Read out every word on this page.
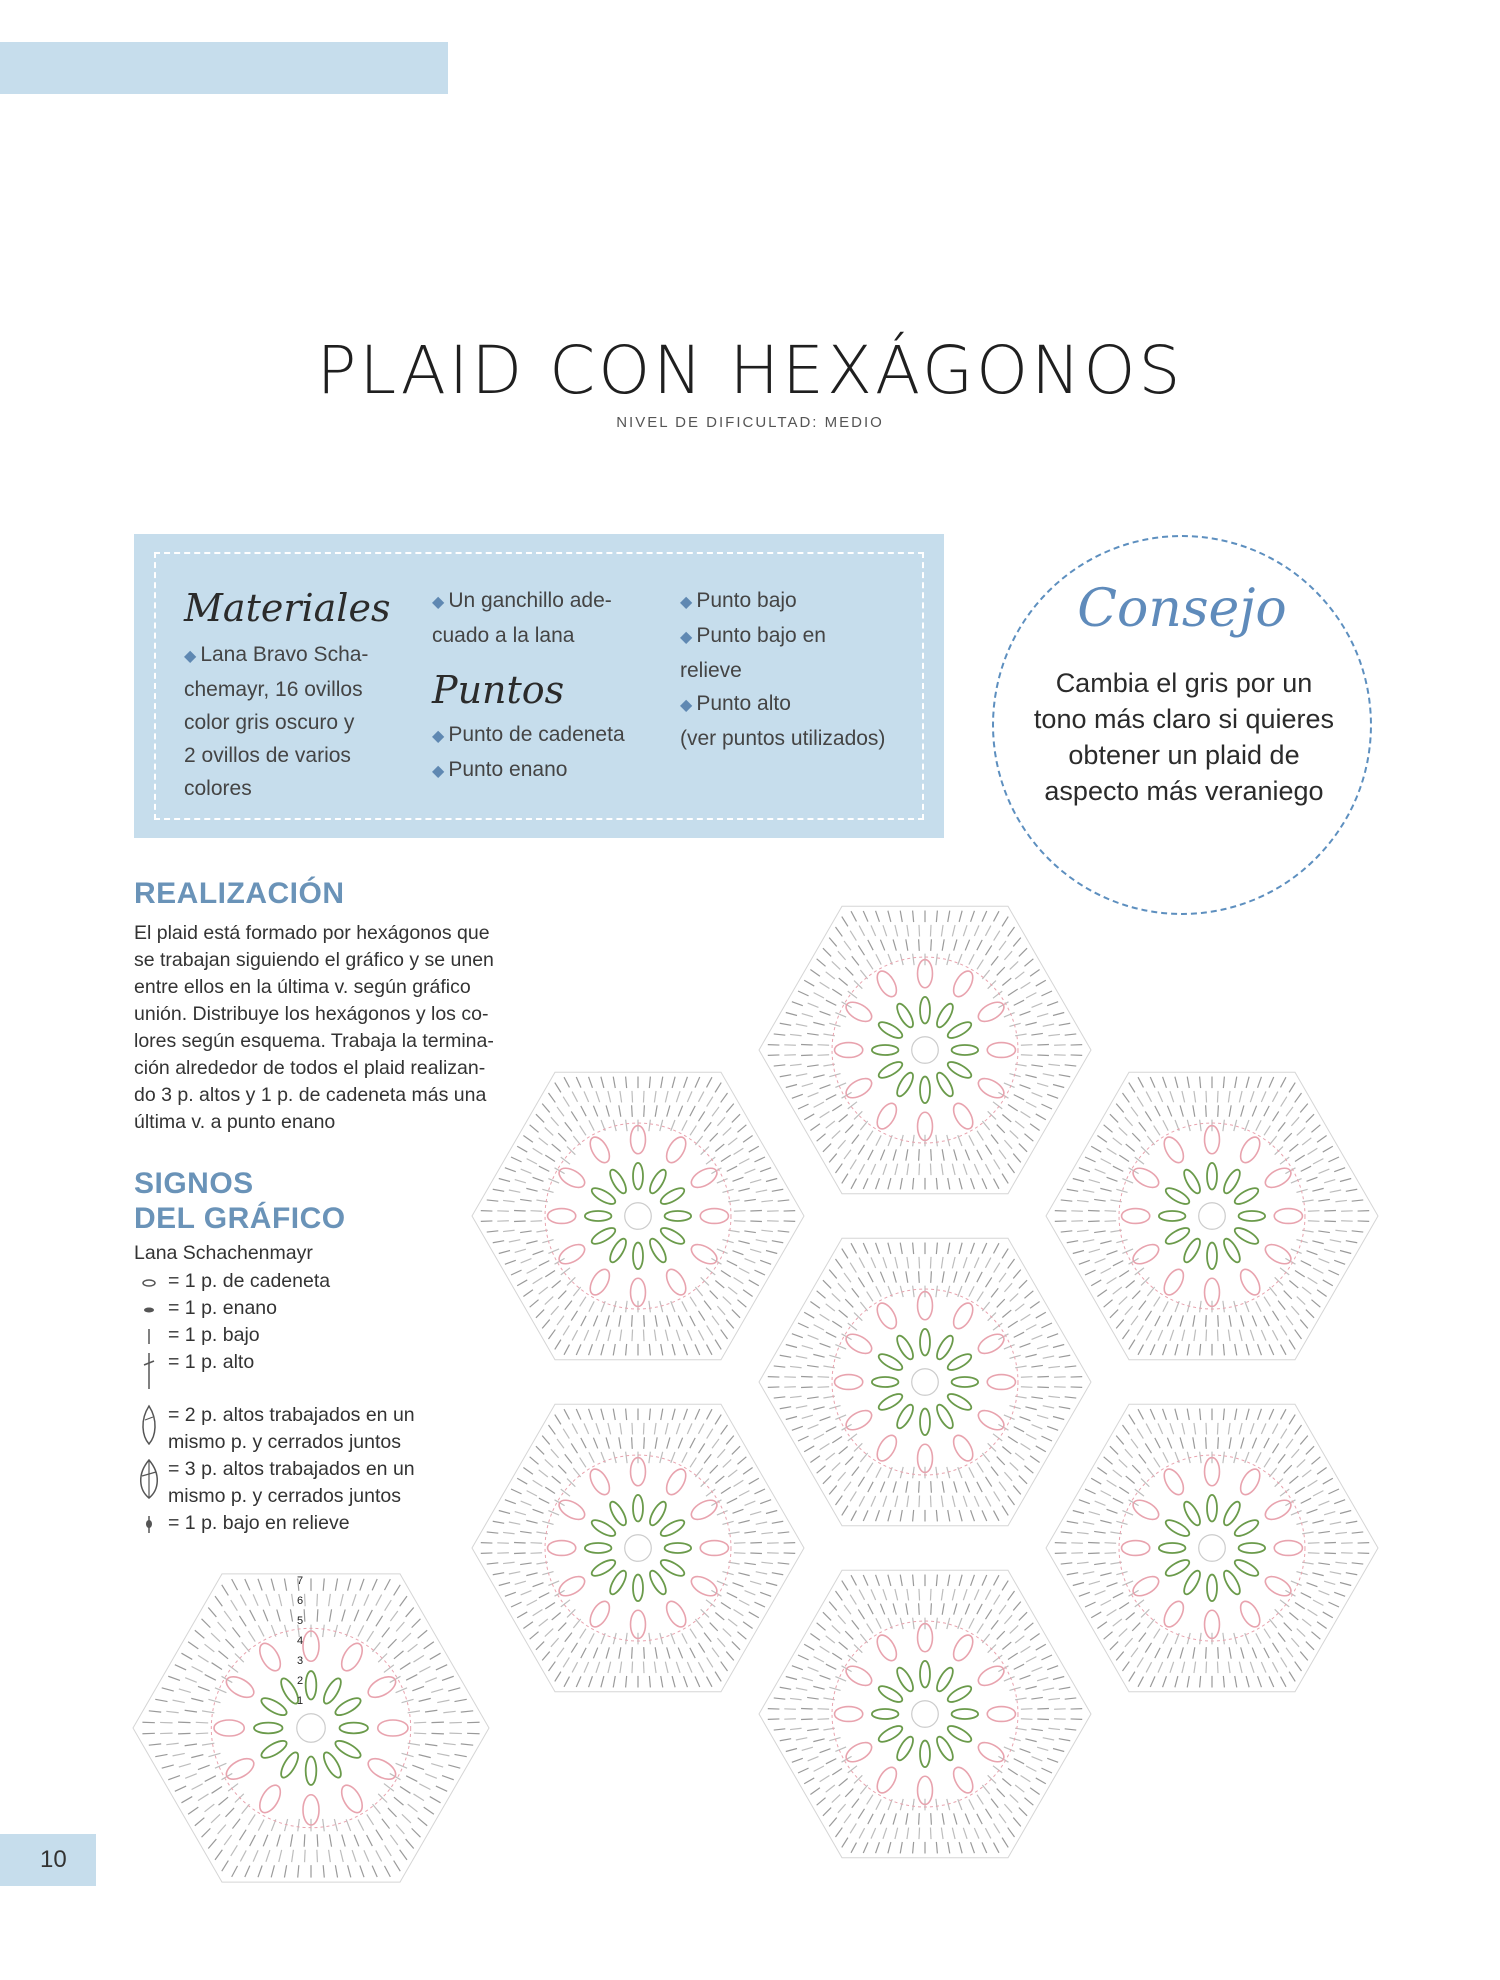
PLAID CON HEXÁGONOS
NIVEL DE DIFICULTAD: MEDIO
Materiales
◆ Lana Bravo Scha-
chemayr, 16 ovillos
color gris oscuro y
2 ovillos de varios
colores
◆ Un ganchillo ade-
cuado a la lana
Puntos
◆ Punto de cadeneta
◆ Punto enano
◆ Punto bajo
◆ Punto bajo en
relieve
◆ Punto alto
(ver puntos utilizados)
Consejo
Cambia el gris por un
tono más claro si quieres
obtener un plaid de
aspecto más veraniego
REALIZACIÓN
El plaid está formado por hexágonos que
se trabajan siguiendo el gráfico y se unen
entre ellos en la última v. según gráfico
unión. Distribuye los hexágonos y los co-
lores según esquema. Trabaja la termina-
ción alrededor de todos el plaid realizan-
do 3 p. altos y 1 p. de cadeneta más una
última v. a punto enano
SIGNOS
DEL GRÁFICO
Lana Schachenmayr
= 1 p. de cadeneta
= 1 p. enano
= 1 p. bajo
= 1 p. alto
= 2 p. altos trabajados en un
mismo p. y cerrados juntos
= 3 p. altos trabajados en un
mismo p. y cerrados juntos
= 1 p. bajo en relieve
7
6
5
4
3
2
1
10
